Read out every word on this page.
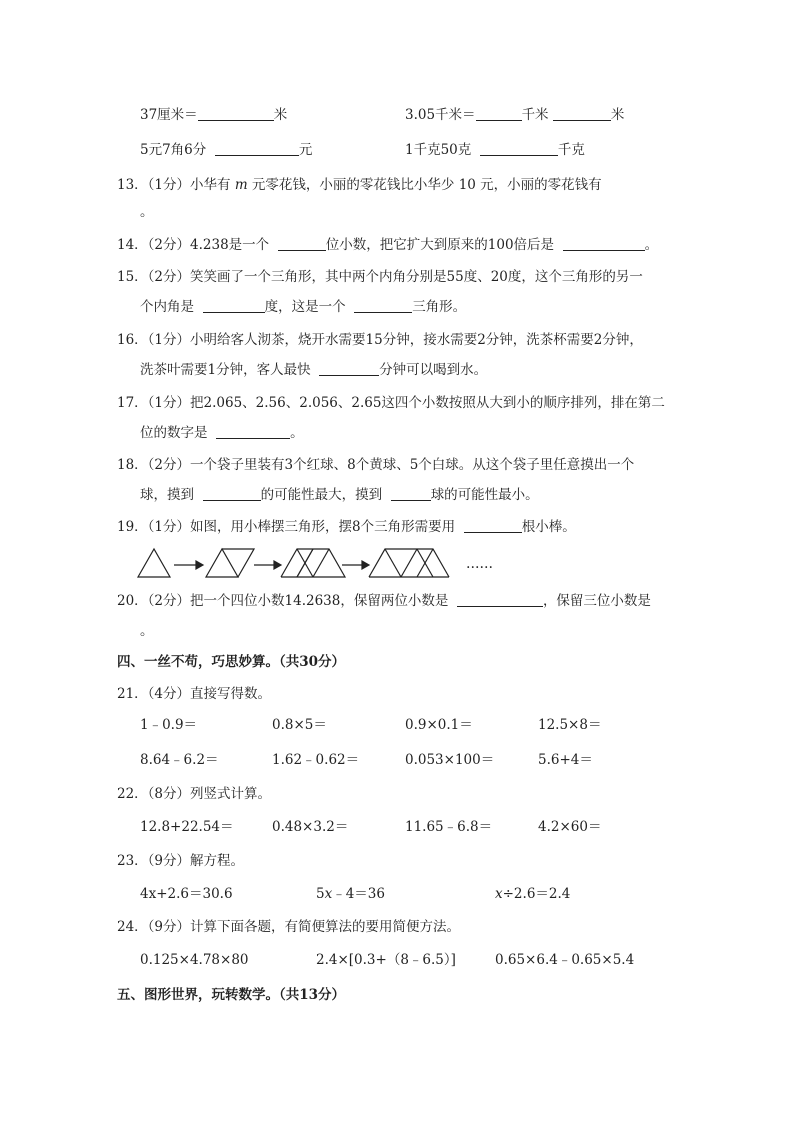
37厘米＝	米	3.05千米＝	千米	米
5元7角6分	元	1千克50克	千克
13．（1分）小华有 m 元零花钱，小丽的零花钱比小华少 10 元，小丽的零花钱有
。
14．（2分）4.238是一个	位小数，把它扩大到原来的100倍后是	。
15．（2分）笑笑画了一个三角形，其中两个内角分别是55度、20度，这个三角形的另一
个内角是	度，这是一个	三角形。
16．（1分）小明给客人沏茶，烧开水需要15分钟，接水需要2分钟，洗茶杯需要2分钟，
洗茶叶需要1分钟，客人最快	分钟可以喝到水。
17．（1分）把2.065、2.56、2.056、2.65这四个小数按照从大到小的顺序排列，排在第二
位的数字是	。
18．（2分）一个袋子里装有3个红球、8个黄球、5个白球。从这个袋子里任意摸出一个
球，摸到	的可能性最大，摸到	球的可能性最小。
19．（1分）如图，用小棒摆三角形，摆8个三角形需要用	根小棒。
……
20．（2分）把一个四位小数14.2638，保留两位小数是	，保留三位小数是
。
四、一丝不苟，巧思妙算。（共30分）
21．（4分）直接写得数。
1﹣0.9＝	0.8×5＝	0.9×0.1＝	12.5×8＝
8.64﹣6.2＝	1.62﹣0.62＝	0.053×100＝	5.6+4＝
22．（8分）列竖式计算。
12.8+22.54＝	0.48×3.2＝	11.65﹣6.8＝	4.2×60＝
23．（9分）解方程。
4x+2.6＝30.6	5x﹣4＝36	x÷2.6＝2.4
24．（9分）计算下面各题，有简便算法的要用简便方法。
0.125×4.78×80	2.4×[0.3+（8﹣6.5）]	0.65×6.4﹣0.65×5.4
五、图形世界，玩转数学。（共13分）
